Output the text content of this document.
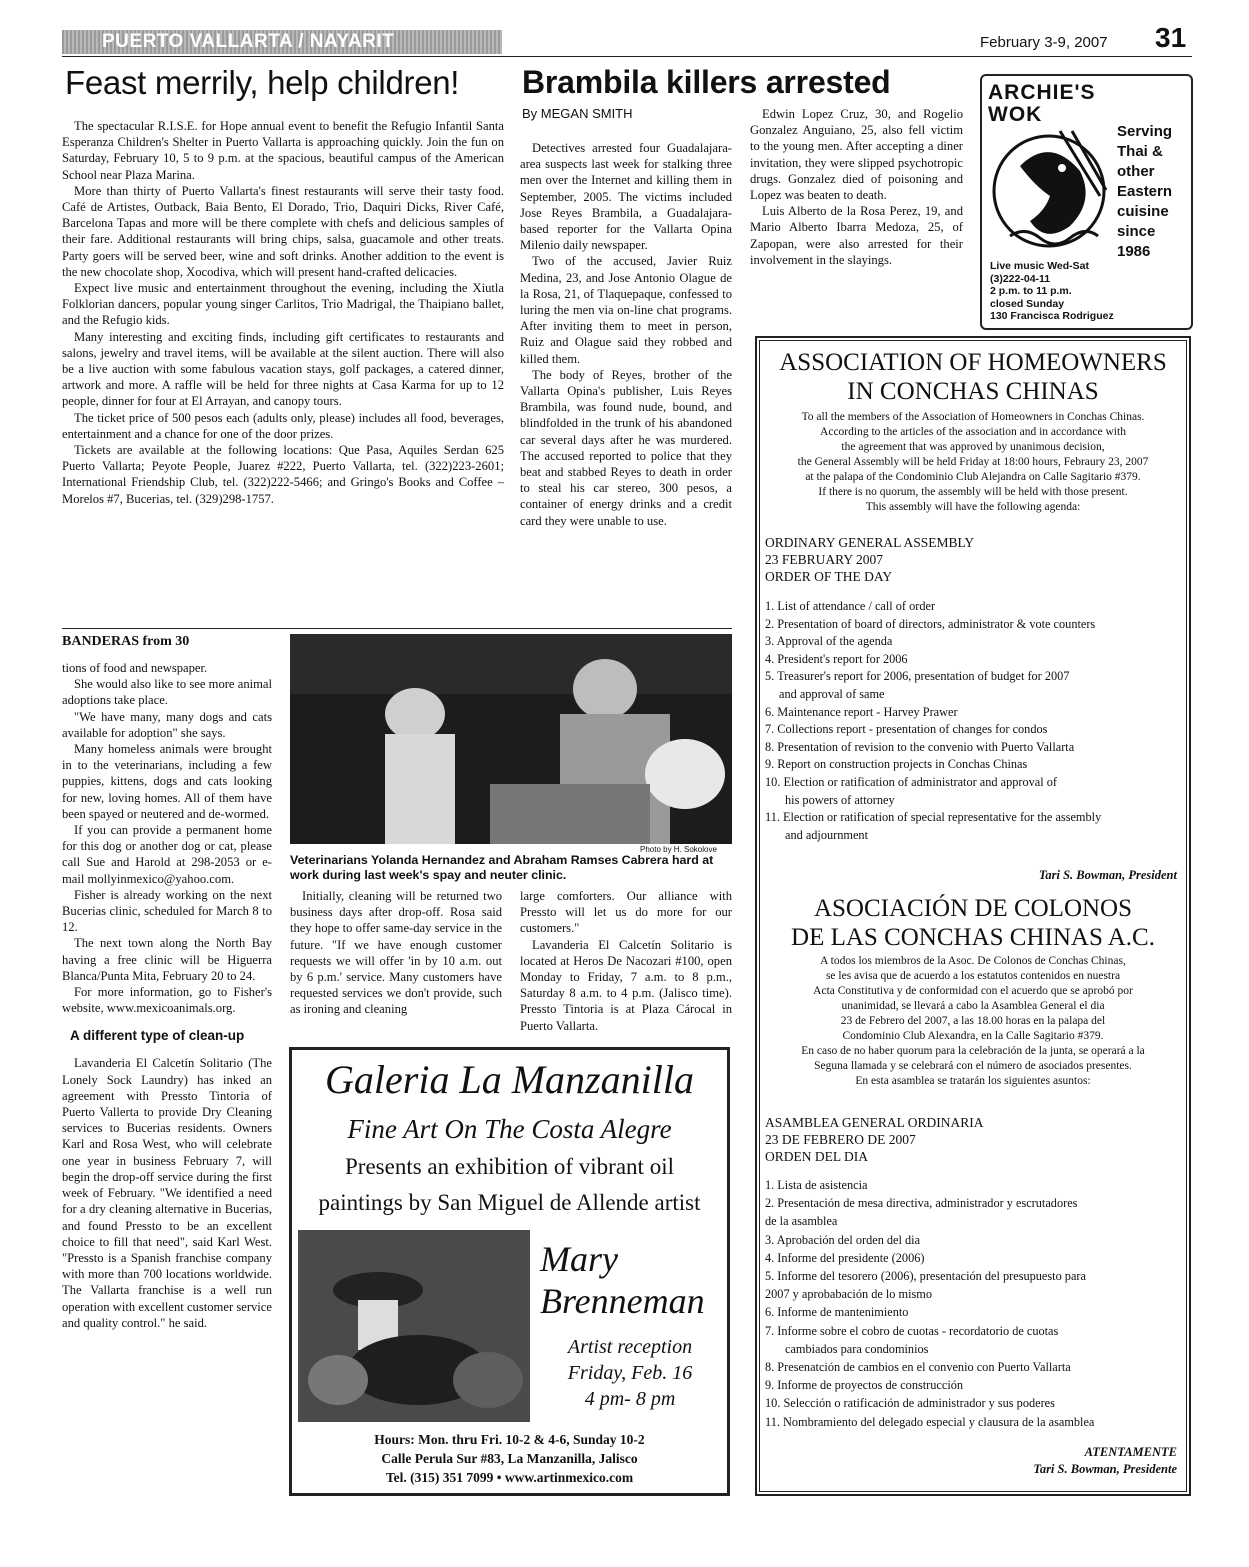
PUERTO VALLARTA / NAYARIT	February 3-9, 2007 31
Feast merrily, help children!

The spectacular R.I.S.E. for Hope annual event to benefit the Refugio Infantil Santa Esperanza Children's Shelter in Puerto Vallarta is approaching quickly. Join the fun on Saturday, February 10, 5 to 9 p.m. at the spacious, beautiful campus of the American School near Plaza Marina.

More than thirty of Puerto Vallarta's finest restaurants will serve their tasty food. Café de Artistes, Outback, Baia Bento, El Dorado, Trio, Daquiri Dicks, River Café, Barcelona Tapas and more will be there complete with chefs and delicious samples of their fare. Additional restaurants will bring chips, salsa, guacamole and other treats. Party goers will be served beer, wine and soft drinks. Another addition to the event is the new chocolate shop, Xocodiva, which will present hand-crafted delicacies.

Expect live music and entertainment throughout the evening, including the Xiutla Folklorian dancers, popular young singer Carlitos, Trio Madrigal, the Thaipiano ballet, and the Refugio kids.

Many interesting and exciting finds, including gift certificates to restaurants and salons, jewelry and travel items, will be available at the silent auction. There will also be a live auction with some fabulous vacation stays, golf packages, a catered dinner, artwork and more. A raffle will be held for three nights at Casa Karma for up to 12 people, dinner for four at El Arrayan, and canopy tours.

The ticket price of 500 pesos each (adults only, please) includes all food, beverages, entertainment and a chance for one of the door prizes.

Tickets are available at the following locations: Que Pasa, Aquiles Serdan 625 Puerto Vallarta; Peyote People, Juarez #222, Puerto Vallarta, tel. (322)223-2601; International Friendship Club, tel. (322)222-5466; and Gringo's Books and Coffee – Morelos #7, Bucerias, tel. (329)298-1757.

Brambila killers arrested
By MEGAN SMITH

Detectives arrested four Guadalajara-area suspects last week for stalking three men over the Internet and killing them in September, 2005. The victims included Jose Reyes Brambila, a Guadalajara-based reporter for the Vallarta Opina Milenio daily newspaper.

Two of the accused, Javier Ruiz Medina, 23, and Jose Antonio Olague de la Rosa, 21, of Tlaquepaque, confessed to luring the men via on-line chat programs. After inviting them to meet in person, Ruiz and Olague said they robbed and killed them.

The body of Reyes, brother of the Vallarta Opina's publisher, Luis Reyes Brambila, was found nude, bound, and blindfolded in the trunk of his abandoned car several days after he was murdered. The accused reported to police that they beat and stabbed Reyes to death in order to steal his car stereo, 300 pesos, a container of energy drinks and a credit card they were unable to use.

Edwin Lopez Cruz, 30, and Rogelio Gonzalez Anguiano, 25, also fell victim to the young men. After accepting a diner invitation, they were slipped psychotropic drugs. Gonzalez died of poisoning and Lopez was beaten to death.

Luis Alberto de la Rosa Perez, 19, and Mario Alberto Ibarra Medoza, 25, of Zapopan, were also arrested for their involvement in the slayings.

ARCHIE'S WOK
Serving
Thai &
other
Eastern
cuisine
since
1986
Live music Wed-Sat
(3)222-04-11
2 p.m. to 11 p.m.
closed Sunday
130 Francisca Rodriguez
ASSOCIATION OF HOMEOWNERS
IN CONCHAS CHINAS
To all the members of the Association of Homeowners in Conchas Chinas.
According to the articles of the association and in accordance with
the agreement that was approved by unanimous decision,
the General Assembly will be held Friday at 18:00 hours, Febraury 23, 2007
at the palapa of the Condominio Club Alejandra on Calle Sagitario #379.
If there is no quorum, the assembly will be held with those present.
This assembly will have the following agenda:
ORDINARY GENERAL ASSEMBLY
23 FEBRUARY 2007
ORDER OF THE DAY
1. List of attendance / call of order
2. Presentation of board of directors, administrator & vote counters
3. Approval of the agenda
4. President's report for 2006
5. Treasurer's report for 2006, presentation of budget for 2007
and approval of same
6. Maintenance report - Harvey Prawer
7. Collections report - presentation of changes for condos
8. Presentation of revision to the convenio with Puerto Vallarta
9. Report on construction projects in Conchas Chinas
10. Election or ratification of administrator and approval of
his powers of attorney
11. Election or ratification of special representative for the assembly
and adjournment
Tari S. Bowman, President
ASOCIACIÓN DE COLONOS
DE LAS CONCHAS CHINAS A.C.
A todos los miembros de la Asoc. De Colonos de Conchas Chinas,
se les avisa que de acuerdo a los estatutos contenidos en nuestra
Acta Constitutiva y de conformidad con el acuerdo que se aprobó por
unanimidad, se llevará a cabo la Asamblea General el dia
23 de Febrero del 2007, a las 18.00 horas en la palapa del
Condominio Club Alexandra, en la Calle Sagitario #379.
En caso de no haber quorum para la celebración de la junta, se operará a la
Seguna llamada y se celebrará con el número de asociados presentes.
En esta asamblea se tratarán los siguientes asuntos:
ASAMBLEA GENERAL ORDINARIA
23 DE FEBRERO DE 2007
ORDEN DEL DIA
1. Lista de asistencia
2. Presentación de mesa directiva, administrador y escrutadores
de la asamblea
3. Aprobación del orden del dia
4. Informe del presidente (2006)
5. Informe del tesorero (2006), presentación del presupuesto para
2007 y aprobabación de lo mismo
6. Informe de mantenimiento
7. Informe sobre el cobro de cuotas - recordatorio de cuotas
cambiados para condominios
8. Presenatción de cambios en el convenio con Puerto Vallarta
9. Informe de proyectos de construcción
10. Selección o ratificación de administrador y sus poderes
11. Nombramiento del delegado especial y clausura de la asamblea
ATENTAMENTE
Tari S. Bowman, Presidente
BANDERAS from 30

tions of food and newspaper.

She would also like to see more animal adoptions take place.

"We have many, many dogs and cats available for adoption" she says.

Many homeless animals were brought in to the veterinarians, including a few puppies, kittens, dogs and cats looking for new, loving homes. All of them have been spayed or neutered and de-wormed.

If you can provide a permanent home for this dog or another dog or cat, please call Sue and Harold at 298-2053 or e-mail mollyinmexico@yahoo.com.

Fisher is already working on the next Bucerias clinic, scheduled for March 8 to 12.

The next town along the North Bay having a free clinic will be Higuerra Blanca/Punta Mita, February 20 to 24.

For more information, go to Fisher's website, www.mexicoanimals.org.

A different type of clean-up

Lavanderia El Calcetín Solitario (The Lonely Sock Laundry) has inked an agreement with Pressto Tintoria of Puerto Vallerta to provide Dry Cleaning services to Bucerias residents. Owners Karl and Rosa West, who will celebrate one year in business February 7, will begin the drop-off service during the first week of February. "We identified a need for a dry cleaning alternative in Bucerias, and found Pressto to be an excellent choice to fill that need", said Karl West. "Pressto is a Spanish franchise company with more than 700 locations worldwide. The Vallarta franchise is a well run operation with excellent customer service and quality control." he said.

Photo by H. Sokolove
Veterinarians Yolanda Hernandez and Abraham Ramses Cabrera hard at work during last week's spay and neuter clinic.

Initially, cleaning will be returned two business days after drop-off. Rosa said they hope to offer same-day service in the future. "If we have enough customer requests we will offer 'in by 10 a.m. out by 6 p.m.' service. Many customers have requested services we don't provide, such as ironing and cleaning

large comforters. Our alliance with Pressto will let us do more for our customers."

Lavanderia El Calcetín Solitario is located at Heros De Nacozari #100, open Monday to Friday, 7 a.m. to 8 p.m., Saturday 8 a.m. to 4 p.m. (Jalisco time). Pressto Tintoria is at Plaza Cárocal in Puerto Vallarta.

Galeria La Manzanilla
Fine Art On The Costa Alegre
Presents an exhibition of vibrant oil
paintings by San Miguel de Allende artist
Mary
Brenneman
Artist reception
Friday, Feb. 16
4 pm- 8 pm
Hours: Mon. thru Fri. 10-2 & 4-6, Sunday 10-2
Calle Perula Sur #83, La Manzanilla, Jalisco
Tel. (315) 351 7099 • www.artinmexico.com
